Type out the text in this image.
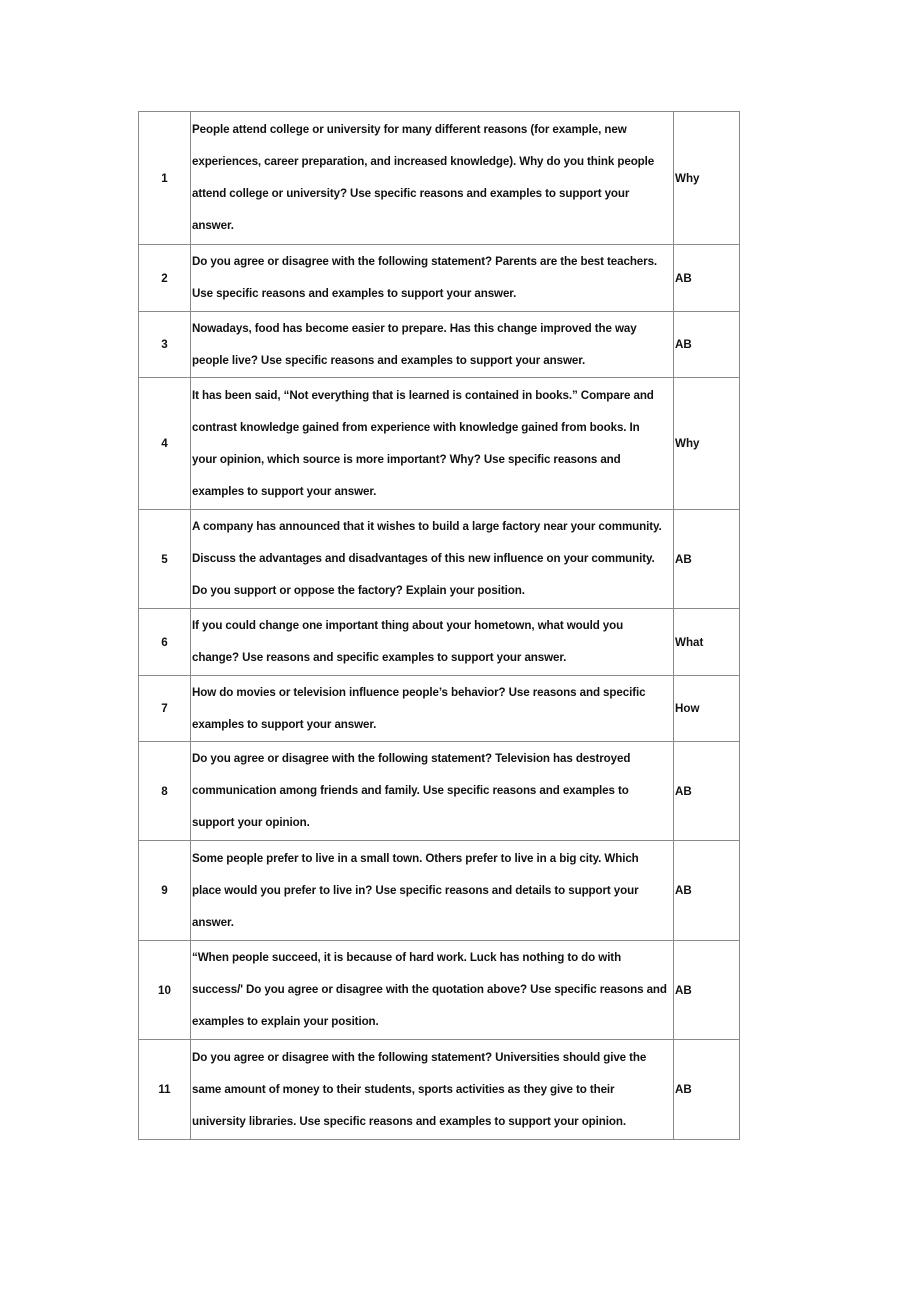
1	People attend college or university for many different reasons (for example, new
experiences, career preparation, and increased knowledge). Why do you think people
attend college or university? Use specific reasons and examples to support your
answer.	Why
2	Do you agree or disagree with the following statement? Parents are the best teachers.
Use specific reasons and examples to support your answer.	AB
3	Nowadays, food has become easier to prepare. Has this change improved the way
people live? Use specific reasons and examples to support your answer.	AB
4	It has been said, “Not everything that is learned is contained in books.” Compare and
contrast knowledge gained from experience with knowledge gained from books. In
your opinion, which source is more important? Why? Use specific reasons and
examples to support your answer.	Why
5	A company has announced that it wishes to build a large factory near your community.
Discuss the advantages and disadvantages of this new influence on your community.
Do you support or oppose the factory? Explain your position.	AB
6	If you could change one important thing about your hometown, what would you
change? Use reasons and specific examples to support your answer.	What
7	How do movies or television influence people’s behavior? Use reasons and specific
examples to support your answer.	How
8	Do you agree or disagree with the following statement? Television has destroyed
communication among friends and family. Use specific reasons and examples to
support your opinion.	AB
9	Some people prefer to live in a small town. Others prefer to live in a big city. Which
place would you prefer to live in? Use specific reasons and details to support your
answer.	AB
10	“When people succeed, it is because of hard work. Luck has nothing to do with
success/' Do you agree or disagree with the quotation above? Use specific reasons and
examples to explain your position.	AB
11	Do you agree or disagree with the following statement? Universities should give the
same amount of money to their students, sports activities as they give to their
university libraries. Use specific reasons and examples to support your opinion.	AB
